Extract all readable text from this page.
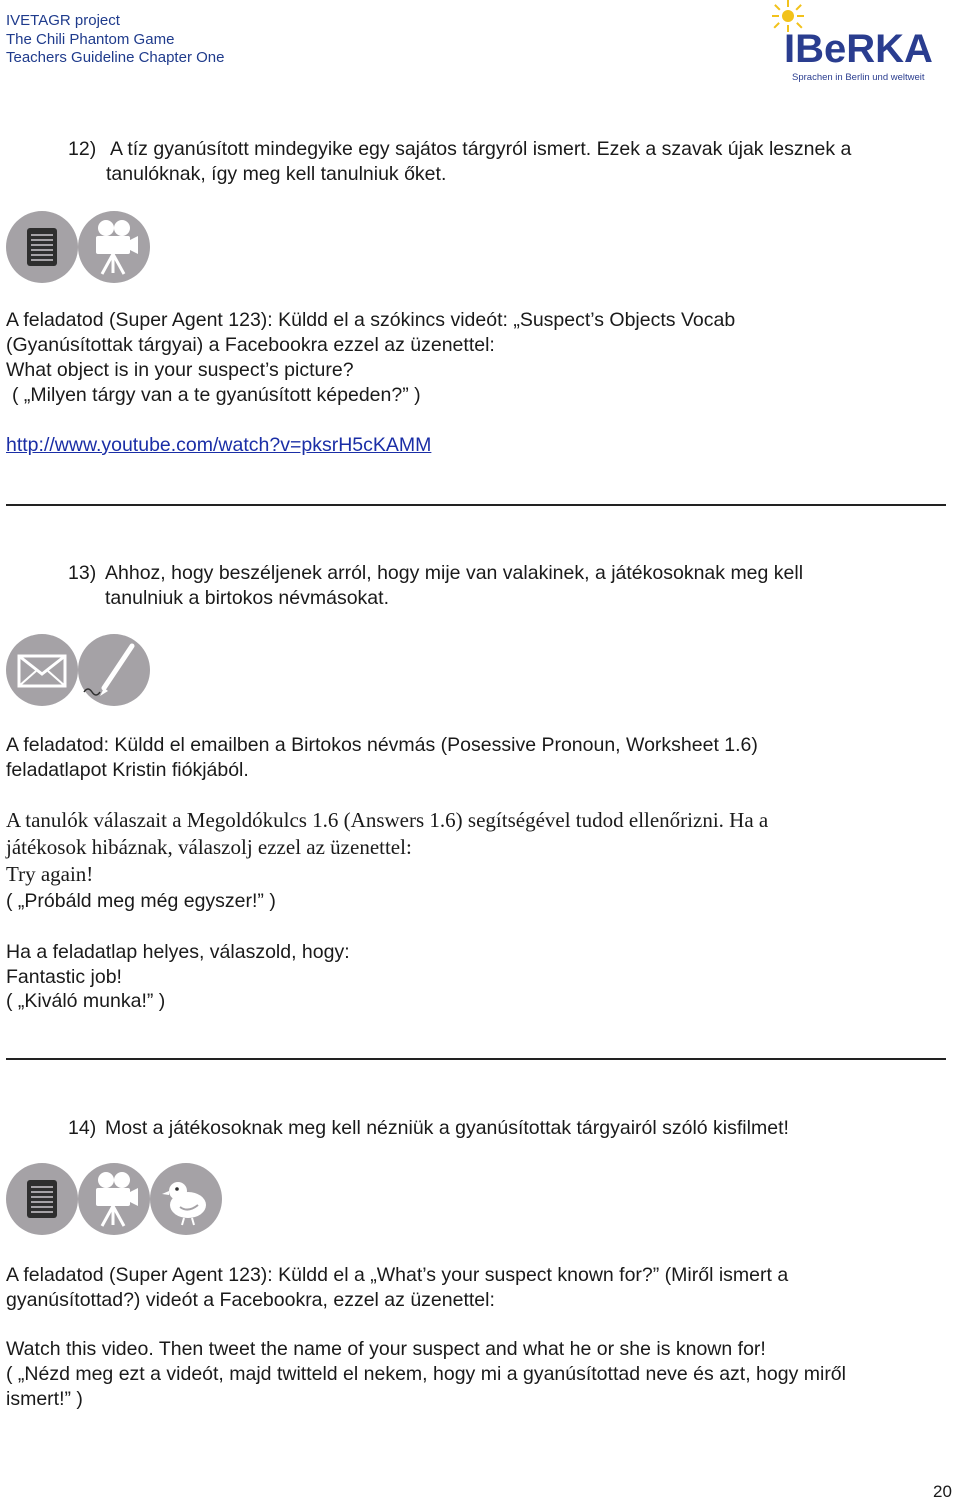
IVETAGR project
The Chili Phantom Game
Teachers Guideline Chapter One	IBeRKA
Sprachen in Berlin und weltweit
12) A tíz gyanúsított mindegyike egy sajátos tárgyról ismert. Ezek a szavak újak lesznek a
tanulóknak, így meg kell tanulniuk őket.
A feladatod (Super Agent 123): Küldd el a szókincs videót: „Suspect’s Objects Vocab
(Gyanúsítottak tárgyai) a Facebookra ezzel az üzenettel:
What object is in your suspect’s picture?
( „Milyen tárgy van a te gyanúsított képeden?” )
http://www.youtube.com/watch?v=pksrH5cKAMM
13) Ahhoz, hogy beszéljenek arról, hogy mije van valakinek, a játékosoknak meg kell
tanulniuk a birtokos névmásokat.
A feladatod: Küldd el emailben a Birtokos névmás (Posessive Pronoun, Worksheet 1.6)
feladatlapot Kristin fiókjából.
A tanulók válaszait a Megoldókulcs 1.6 (Answers 1.6) segítségével tudod ellenőrizni. Ha a
játékosok hibáznak, válaszolj ezzel az üzenettel:
Try again!
( „Próbáld meg még egyszer!” )
Ha a feladatlap helyes, válaszold, hogy:
Fantastic job!
( „Kiváló munka!” )
14) Most a játékosoknak meg kell nézniük a gyanúsítottak tárgyairól szóló kisfilmet!
A feladatod (Super Agent 123): Küldd el a „What’s your suspect known for?” (Miről ismert a
gyanúsítottad?) videót a Facebookra, ezzel az üzenettel:
Watch this video. Then tweet the name of your suspect and what he or she is known for!
( „Nézd meg ezt a videót, majd twitteld el nekem, hogy mi a gyanúsítottad neve és azt, hogy miről
ismert!” )
20
